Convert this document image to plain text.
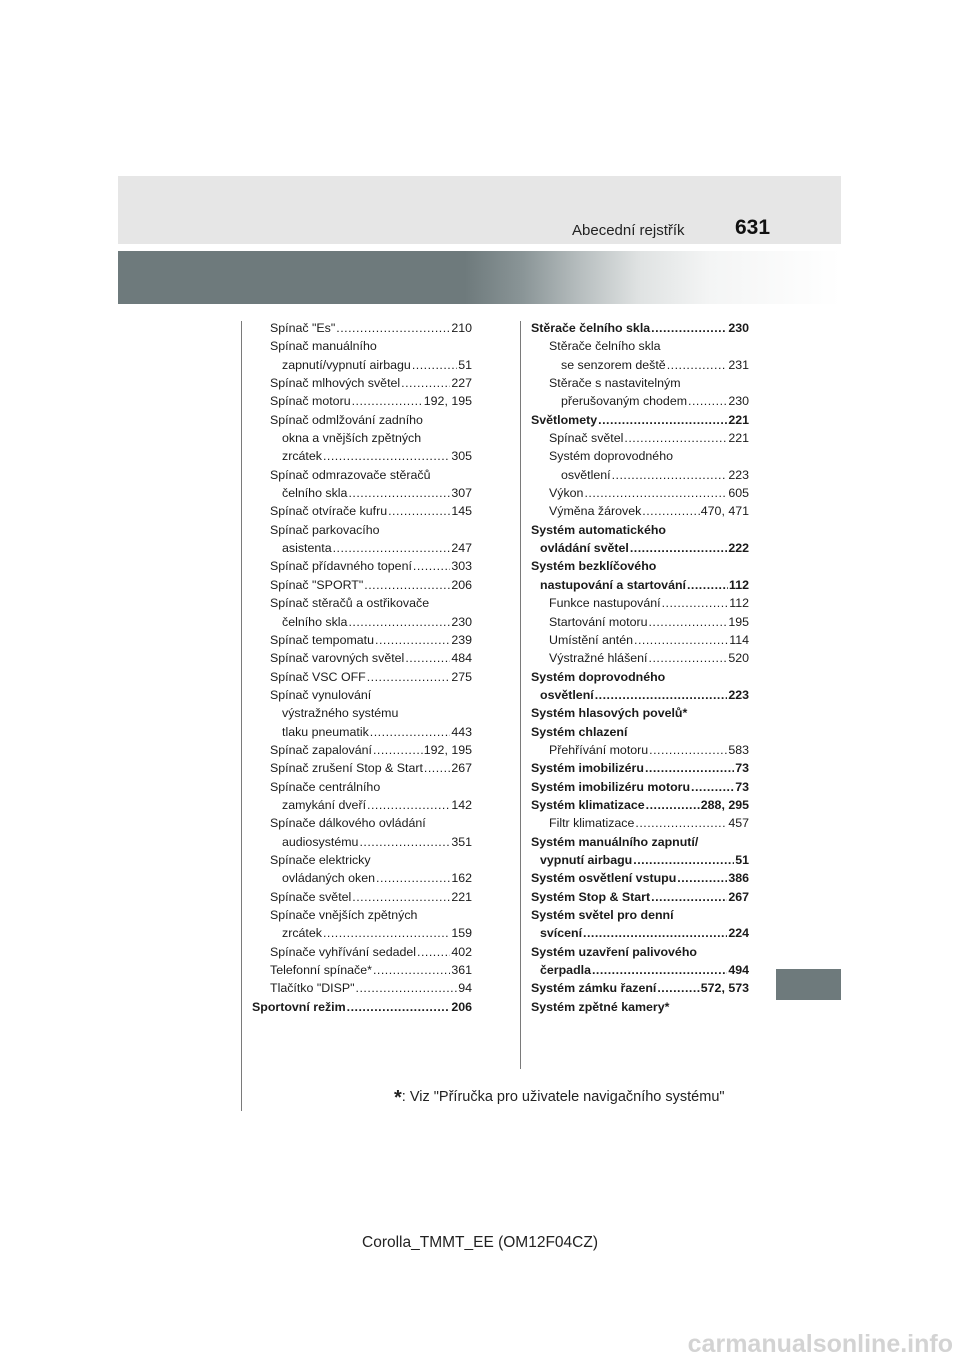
Abecední rejstřík 631
Spínač "Es" .....	210
Spínač manuálního
zapnutí/vypnutí airbagu .....	51
Spínač mlhových světel .....	227
Spínač motoru .....	192, 195
Spínač odmlžování zadního
okna a vnějších zpětných
zrcátek .....	305
Spínač odmrazovače stěračů
čelního skla .....	307
Spínač otvírače kufru .....	145
Spínač parkovacího
asistenta .....	247
Spínač přídavného topení .....	303
Spínač "SPORT" .....	206
Spínač stěračů a ostřikovače
čelního skla .....	230
Spínač tempomatu .....	239
Spínač varovných světel .....	484
Spínač VSC OFF .....	275
Spínač vynulování
výstražného systému
tlaku pneumatik .....	443
Spínač zapalování .....	192, 195
Spínač zrušení Stop & Start ..... 267
Spínače centrálního
zamykání dveří .....	142
Spínače dálkového ovládání
audiosystému .....	351
Spínače elektricky
ovládaných oken .....	162
Spínače světel .....	221
Spínače vnějších zpětných
zrcátek .....	159
Spínače vyhřívání sedadel .....	402
Telefonní spínače* .....	361
Tlačítko "DISP" .....	94
Sportovní režim .....	206
Stěrače čelního skla .....	230
Stěrače čelního skla
se senzorem deště .....	231
Stěrače s nastavitelným
přerušovaným chodem .....	230
Světlomety .....	221
Spínač světel .....	221
Systém doprovodného
osvětlení .....	223
Výkon .....	605
Výměna žárovek .....	470, 471
Systém automatického
ovládání světel .....	222
Systém bezklíčového
nastupování a startování .....	112
Funkce nastupování .....	112
Startování motoru .....	195
Umístění antén .....	114
Výstražné hlášení .....	520
Systém doprovodného
osvětlení .....	223
Systém hlasových povelů*
Systém chlazení
Přehřívání motoru .....	583
Systém imobilizéru .....	73
Systém imobilizéru motoru .....	73
Systém klimatizace .....	288, 295
Filtr klimatizace .....	457
Systém manuálního zapnutí/
vypnutí airbagu .....	51
Systém osvětlení vstupu .....	386
Systém Stop & Start .....	267
Systém světel pro denní
svícení .....	224
Systém uzavření palivového
čerpadla .....	494
Systém zámku řazení .....	572, 573
Systém zpětné kamery*
*: Viz "Příručka pro uživatele navigačního systému"
Corolla_TMMT_EE (OM12F04CZ)
carmanualsonline.info
